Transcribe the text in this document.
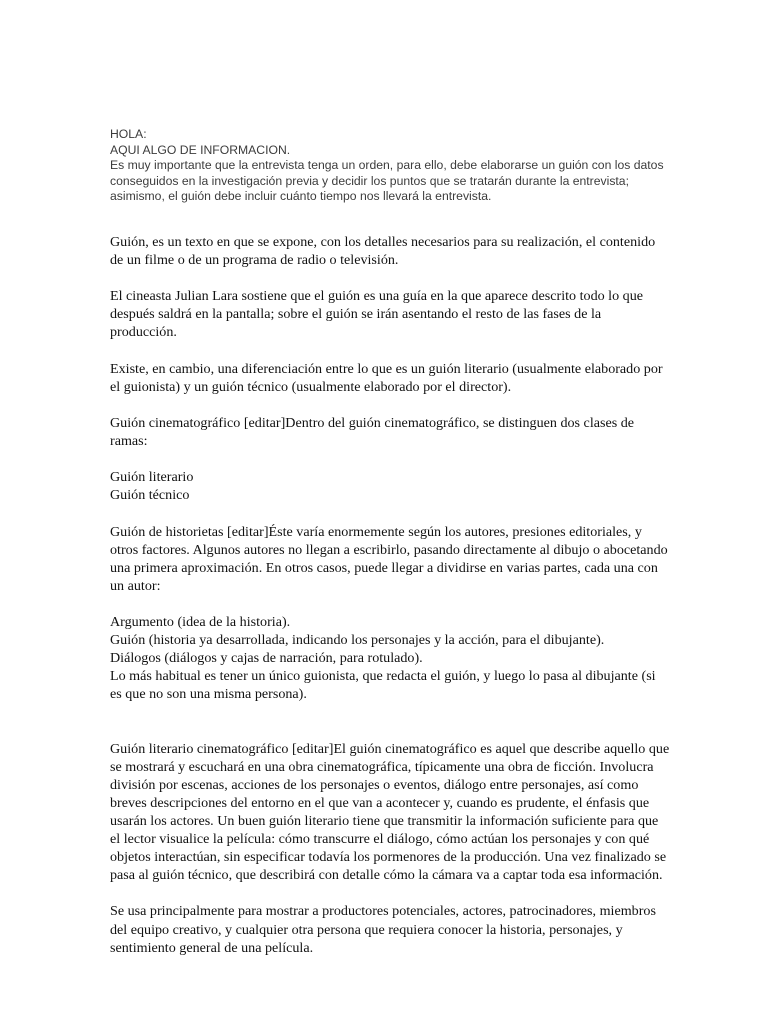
HOLA:
AQUI ALGO DE INFORMACION.
Es muy importante que la entrevista tenga un orden, para ello, debe elaborarse un guión con los datos conseguidos en la investigación previa y decidir los puntos que se tratarán durante la entrevista; asimismo, el guión debe incluir cuánto tiempo nos llevará la entrevista.

Guión, es un texto en que se expone, con los detalles necesarios para su realización, el contenido de un filme o de un programa de radio o televisión.

El cineasta Julian Lara sostiene que el guión es una guía en la que aparece descrito todo lo que después saldrá en la pantalla; sobre el guión se irán asentando el resto de las fases de la producción.

Existe, en cambio, una diferenciación entre lo que es un guión literario (usualmente elaborado por el guionista) y un guión técnico (usualmente elaborado por el director).

Guión cinematográfico [editar]Dentro del guión cinematográfico, se distinguen dos clases de ramas:

Guión literario

Guión técnico

Guión de historietas [editar]Éste varía enormemente según los autores, presiones editoriales, y otros factores. Algunos autores no llegan a escribirlo, pasando directamente al dibujo o abocetando una primera aproximación. En otros casos, puede llegar a dividirse en varias partes, cada una con un autor:

Argumento (idea de la historia).

Guión (historia ya desarrollada, indicando los personajes y la acción, para el dibujante).

Diálogos (diálogos y cajas de narración, para rotulado).

Lo más habitual es tener un único guionista, que redacta el guión, y luego lo pasa al dibujante (si es que no son una misma persona).

Guión literario cinematográfico [editar]El guión cinematográfico es aquel que describe aquello que se mostrará y escuchará en una obra cinematográfica, típicamente una obra de ficción. Involucra división por escenas, acciones de los personajes o eventos, diálogo entre personajes, así como breves descripciones del entorno en el que van a acontecer y, cuando es prudente, el énfasis que usarán los actores. Un buen guión literario tiene que transmitir la información suficiente para que el lector visualice la película: cómo transcurre el diálogo, cómo actúan los personajes y con qué objetos interactúan, sin especificar todavía los pormenores de la producción. Una vez finalizado se pasa al guión técnico, que describirá con detalle cómo la cámara va a captar toda esa información.

Se usa principalmente para mostrar a productores potenciales, actores, patrocinadores, miembros del equipo creativo, y cualquier otra persona que requiera conocer la historia, personajes, y sentimiento general de una película.
